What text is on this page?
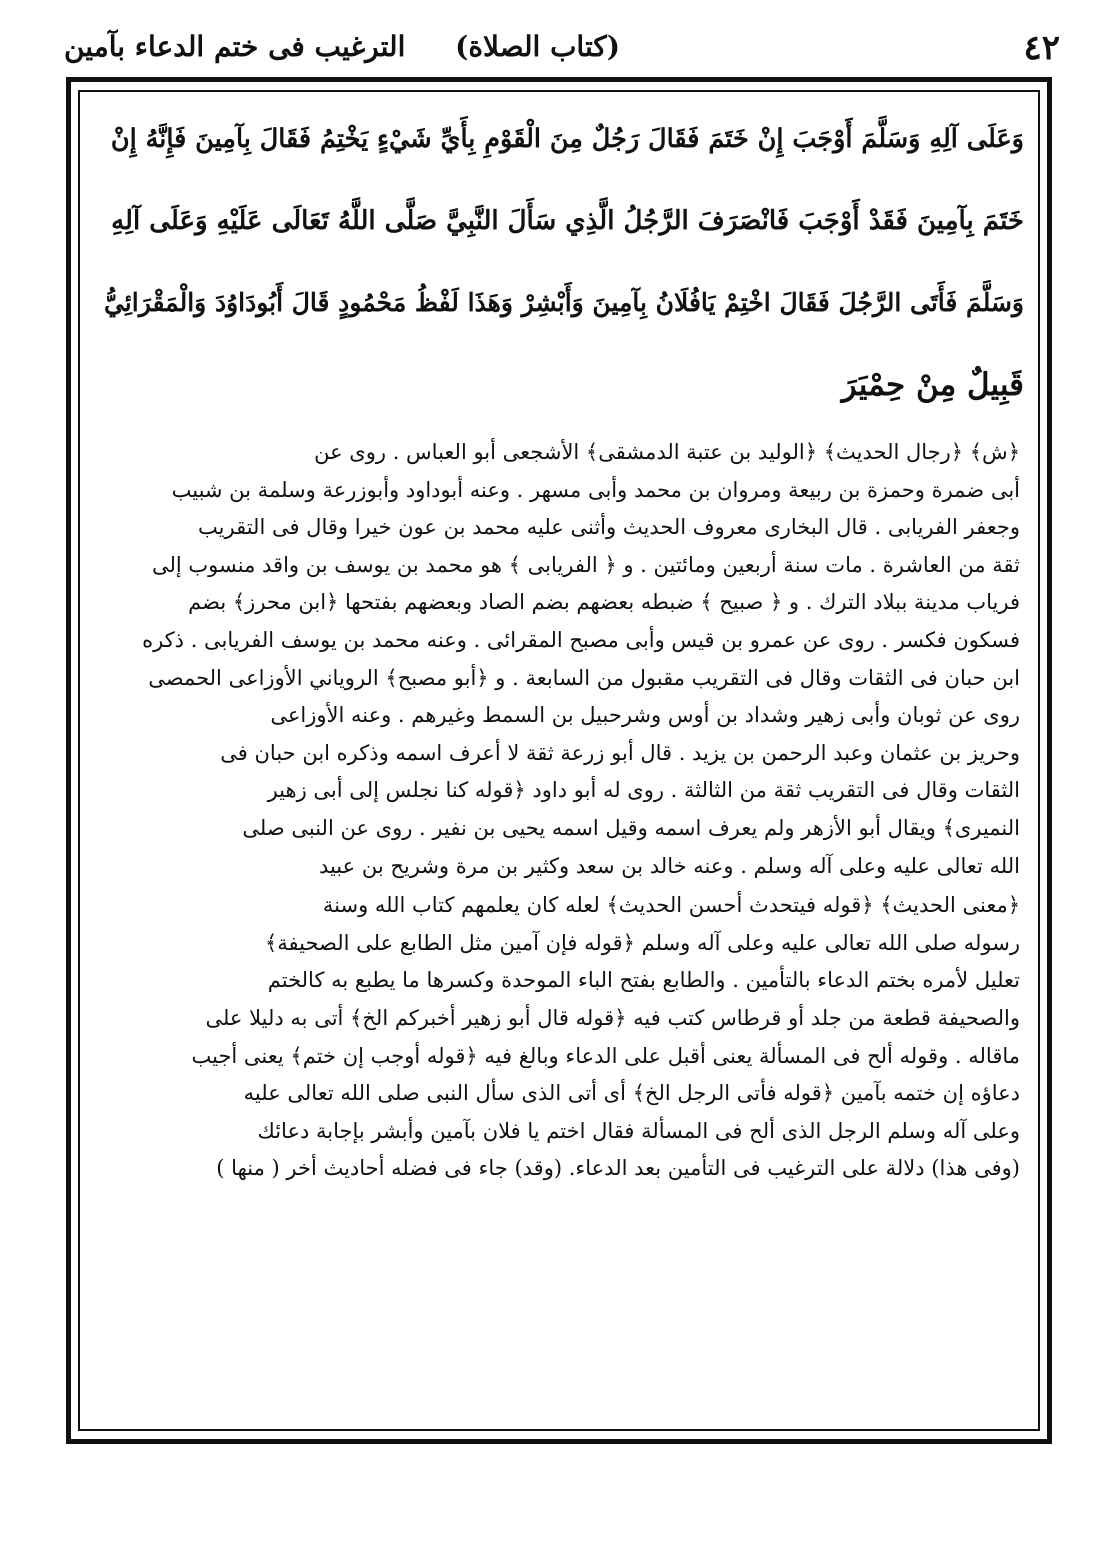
٤٢
(كتاب الصلاة) الترغيب فى ختم الدعاء بآمين
وَعَلَى آلِهِ وَسَلَّمَ أَوْجَبَ إِنْ خَتَمَ فَقَالَ رَجُلٌ مِنَ الْقَوْمِ بِأَيِّ شَيْءٍ يَخْتِمُ فَقَالَ بِآمِينَ فَإِنَّهُ إِنْ
خَتَمَ بِآمِينَ فَقَدْ أَوْجَبَ فَانْصَرَفَ الرَّجُلُ الَّذِي سَأَلَ النَّبِيَّ صَلَّى اللَّهُ تَعَالَى عَلَيْهِ وَعَلَى آلِهِ
وَسَلَّمَ فَأَتَى الرَّجُلَ فَقَالَ اخْتِمْ يَافُلَانُ بِآمِينَ وَأَبْشِرْ وَهَذَا لَفْظُ مَحْمُودٍ قَالَ أَبُودَاوُدَ وَالْمَقْرَائِيُّ
قَبِيلٌ مِنْ حِمْيَرَ
﴿ش﴾ ﴿رجال الحديث﴾ ﴿الوليد بن عتبة الدمشقى﴾ الأشجعى أبو العباس . روى عن
أبى ضمرة وحمزة بن ربيعة ومروان بن محمد وأبى مسهر . وعنه أبوداود وأبوزرعة وسلمة بن شبيب
وجعفر الفريابى . قال البخارى معروف الحديث وأثنى عليه محمد بن عون خيرا وقال فى التقريب
ثقة من العاشرة . مات سنة أربعين ومائتين . و ﴿ الفريابى ﴾ هو محمد بن يوسف بن واقد منسوب إلى
فرياب مدينة ببلاد الترك . و ﴿ صبيح ﴾ ضبطه بعضهم بضم الصاد وبعضهم بفتحها ﴿ابن محرز﴾ بضم
فسكون فكسر . روى عن عمرو بن قيس وأبى مصبح المقرائى . وعنه محمد بن يوسف الفريابى . ذكره
ابن حبان فى الثقات وقال فى التقريب مقبول من السابعة . و ﴿أبو مصبح﴾ الروياني الأوزاعى الحمصى
روى عن ثوبان وأبى زهير وشداد بن أوس وشرحبيل بن السمط وغيرهم . وعنه الأوزاعى
وحريز بن عثمان وعبد الرحمن بن يزيد . قال أبو زرعة ثقة لا أعرف اسمه وذكره ابن حبان فى
الثقات وقال فى التقريب ثقة من الثالثة . روى له أبو داود ﴿قوله كنا نجلس إلى أبى زهير
النميرى﴾ ويقال أبو الأزهر ولم يعرف اسمه وقيل اسمه يحيى بن نفير . روى عن النبى صلى
الله تعالى عليه وعلى آله وسلم . وعنه خالد بن سعد وكثير بن مرة وشريح بن عبيد
﴿معنى الحديث﴾ ﴿قوله فيتحدث أحسن الحديث﴾ لعله كان يعلمهم كتاب الله وسنة
رسوله صلى الله تعالى عليه وعلى آله وسلم ﴿قوله فإن آمين مثل الطابع على الصحيفة﴾
تعليل لأمره بختم الدعاء بالتأمين . والطابع بفتح الباء الموحدة وكسرها ما يطبع به كالختم
والصحيفة قطعة من جلد أو قرطاس كتب فيه ﴿قوله قال أبو زهير أخبركم الخ﴾ أتى به دليلا على
ماقاله . وقوله ألح فى المسألة يعنى أقبل على الدعاء وبالغ فيه ﴿قوله أوجب إن ختم﴾ يعنى أجيب
دعاؤه إن ختمه بآمين ﴿قوله فأتى الرجل الخ﴾ أى أتى الذى سأل النبى صلى الله تعالى عليه
وعلى آله وسلم الرجل الذى ألح فى المسألة فقال اختم يا فلان بآمين وأبشر بإجابة دعائك
(وفى هذا) دلالة على الترغيب فى التأمين بعد الدعاء. (وقد) جاء فى فضله أحاديث أخر ( منها )
